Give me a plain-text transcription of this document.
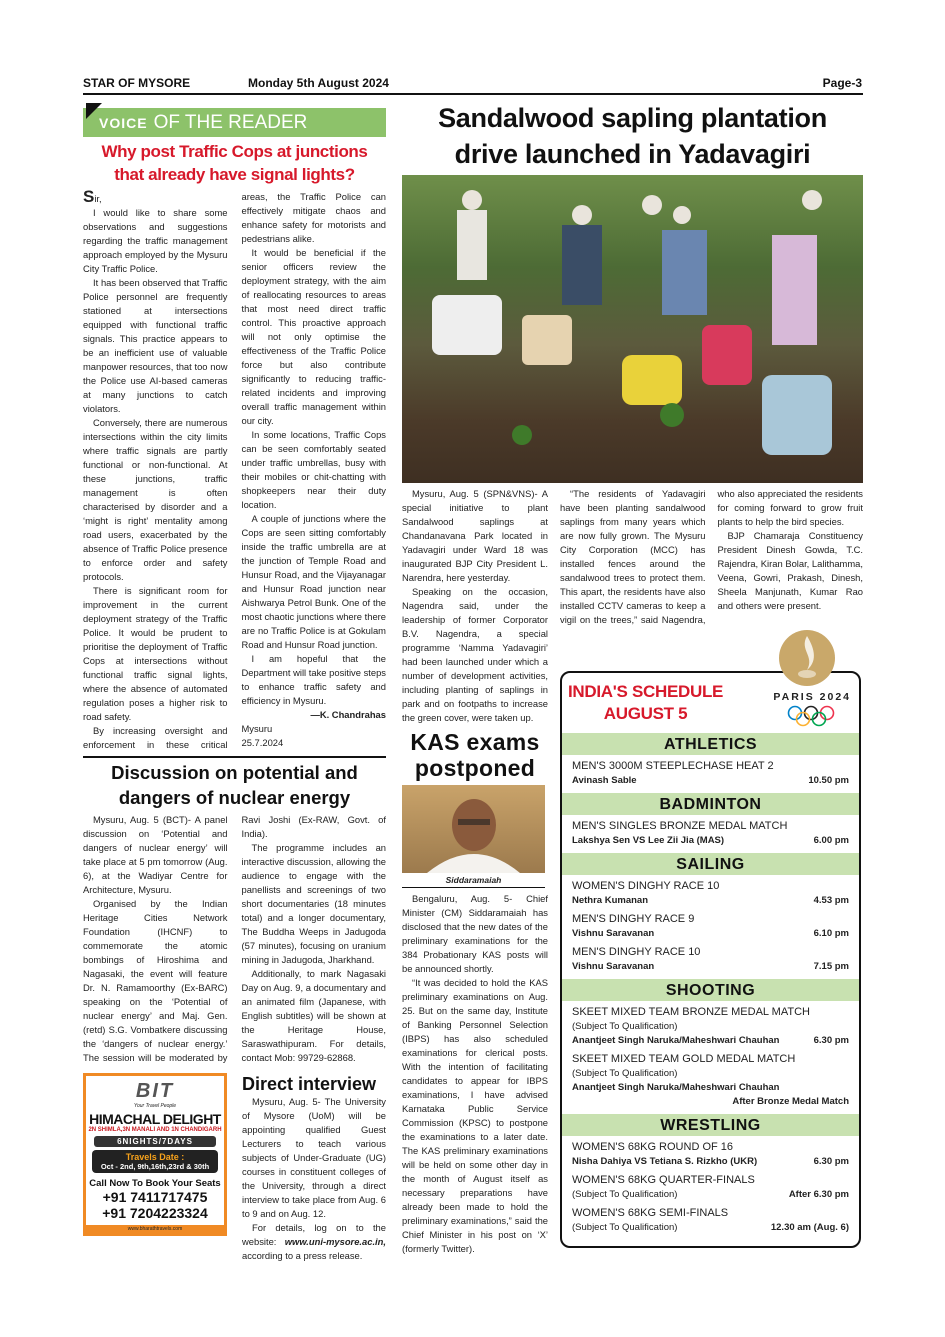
STAR OF MYSORE	Monday 5th August 2024	Page-3
VOICE OF THE READER
Why post Traffic Cops at junctions
that already have signal lights?

Sir,

I would like to share some observations and suggestions regarding the traffic management approach employed by the Mysuru City Traffic Police.

It has been observed that Traffic Police personnel are frequently stationed at intersections equipped with functional traffic signals. This practice appears to be an inefficient use of valuable manpower resources, that too now the Police use AI-based cameras at many junctions to catch violators.

Conversely, there are numerous intersections within the city limits where traffic signals are partly functional or non-functional. At these junctions, traffic management is often characterised by disorder and a ‘might is right’ mentality among road users, exacerbated by the absence of Traffic Police presence to enforce order and safety protocols.

There is significant room for improvement in the current deployment strategy of the Traffic Police. It would be prudent to prioritise the deployment of Traffic Cops at intersections without functional traffic signal lights, where the absence of automated regulation poses a higher risk to road safety.

By increasing oversight and enforcement in these critical areas, the Traffic Police can effectively mitigate chaos and enhance safety for motorists and pedestrians alike.

It would be beneficial if the senior officers review the deployment strategy, with the aim of reallocating resources to areas that most need direct traffic control. This proactive approach will not only optimise the effectiveness of the Traffic Police force but also contribute significantly to reducing traffic-related incidents and improving overall traffic management within our city.

In some locations, Traffic Cops can be seen comfortably seated under traffic umbrellas, busy with their mobiles or chit-chatting with shopkeepers near their duty location.

A couple of junctions where the Cops are seen sitting comfortably inside the traffic umbrella are at the junction of Temple Road and Hunsur Road, and the Vijayanagar and Hunsur Road junction near Aishwarya Petrol Bunk. One of the most chaotic junctions where there are no Traffic Police is at Gokulam Road and Hunsur Road junction.

I am hopeful that the Department will take positive steps to enhance traffic safety and efficiency in Mysuru.

—K. Chandrahas

Mysuru

25.7.2024

Discussion on potential and
dangers of nuclear energy

Mysuru, Aug. 5 (BCT)- A panel discussion on ‘Potential and dangers of nuclear energy’ will take place at 5 pm tomorrow (Aug. 6), at the Wadiyar Centre for Architecture, Mysuru.

Organised by the Indian Heritage Cities Network Foundation (IHCNF) to commemorate the atomic bombings of Hiroshima and Nagasaki, the event will feature Dr. N. Ramamoorthy (Ex-BARC) speaking on the ‘Potential of nuclear energy’ and Maj. Gen. (retd) S.G. Vombatkere discussing the ‘dangers of nuclear energy.’ The session will be moderated by Ravi Joshi (Ex-RAW, Govt. of India).

The programme includes an interactive discussion, allowing the audience to engage with the panellists and screenings of two short documentaries (18 minutes total) and a longer documentary, The Buddha Weeps in Jadugoda (57 minutes), focusing on uranium mining in Jadugoda, Jharkhand.

Additionally, to mark Nagasaki Day on Aug. 9, a documentary and an animated film (Japanese, with English subtitles) will be shown at the Heritage House, Saraswathipuram. For details, contact Mob: 99729-62868.

BIT
Your Travel People
HIMACHAL DELIGHT
2N SHIMLA,3N MANALI AND 1N CHANDIGARH
6NIGHTS/7DAYS
Travels Date :
Oct - 2nd, 9th,16th,23rd & 30th
Call Now To Book Your Seats
+91 7411717475
+91 7204223324
www.bharathtravels.com
Direct interview

Mysuru, Aug. 5- The University of Mysore (UoM) will be appointing qualified Guest Lecturers to teach various subjects of Under-Graduate (UG) courses in constituent colleges of the University, through a direct interview to take place from Aug. 6 to 9 and on Aug. 12.

For details, log on to the website: www.uni-mysore.ac.in, according to a press release.

Sandalwood sapling plantation
drive launched in Yadavagiri

Mysuru, Aug. 5 (SPN&VNS)- A special initiative to plant Sandalwood saplings at Chandanavana Park located in Yadavagiri under Ward 18 was inaugurated BJP City President L. Narendra, here yesterday.

Speaking on the occasion, Nagendra said, under the leadership of former Corporator B.V. Nagendra, a special programme ‘Namma Yadavagiri’ had been launched under which a number of development activities, including planting of saplings in park and on footpaths to increase the green cover, were taken up.

KAS exams
postponed
Siddaramaiah

Bengaluru, Aug. 5- Chief Minister (CM) Siddaramaiah has disclosed that the new dates of the preliminary examinations for the 384 Probationary KAS posts will be announced shortly.

“It was decided to hold the KAS preliminary examinations on Aug. 25. But on the same day, Institute of Banking Personnel Selection (IBPS) has also scheduled examinations for clerical posts. With the intention of facilitating candidates to appear for IBPS examinations, I have advised Karnataka Public Service Commission (KPSC) to postpone the examinations to a later date. The KAS preliminary examinations will be held on some other day in the month of August itself as necessary preparations have already been made to hold the preliminary examinations,” said the Chief Minister in his post on ‘X’ (formerly Twitter).

“The residents of Yadavagiri have been planting sandalwood saplings from many years which are now fully grown. The Mysuru City Corporation (MCC) has installed fences around the sandalwood trees to protect them. This apart, the residents have also installed CCTV cameras to keep a vigil on the trees,” said Nagendra, who also appreciated the residents for coming forward to grow fruit plants to help the bird species.

BJP Chamaraja Constituency President Dinesh Gowda, T.C. Rajendra, Kiran Bolar, Lalithamma, Veena, Gowri, Prakash, Dinesh, Sheela Manjunath, Kumar Rao and others were present.

INDIA'S SCHEDULE
AUGUST 5
PARIS 2024
ATHLETICS
MEN'S 3000M STEEPLECHASE HEAT 2
Avinash Sable	10.50 pm
BADMINTON
MEN'S SINGLES BRONZE MEDAL MATCH
Lakshya Sen VS Lee Zii Jia (MAS)	6.00 pm
SAILING
WOMEN'S DINGHY RACE 10
Nethra Kumanan	4.53 pm
MEN'S DINGHY RACE 9
Vishnu Saravanan	6.10 pm
MEN'S DINGHY RACE 10
Vishnu Saravanan	7.15 pm
SHOOTING
SKEET MIXED TEAM BRONZE MEDAL MATCH
(Subject To Qualification)
Anantjeet Singh Naruka/Maheshwari Chauhan	6.30 pm
SKEET MIXED TEAM GOLD MEDAL MATCH
(Subject To Qualification)
Anantjeet Singh Naruka/Maheshwari Chauhan
After Bronze Medal Match
WRESTLING
WOMEN'S 68KG ROUND OF 16
Nisha Dahiya VS Tetiana S. Rizkho (UKR)	6.30 pm
WOMEN'S 68KG QUARTER-FINALS
(Subject To Qualification)	After 6.30 pm
WOMEN'S 68KG SEMI-FINALS
(Subject To Qualification)	12.30 am (Aug. 6)
